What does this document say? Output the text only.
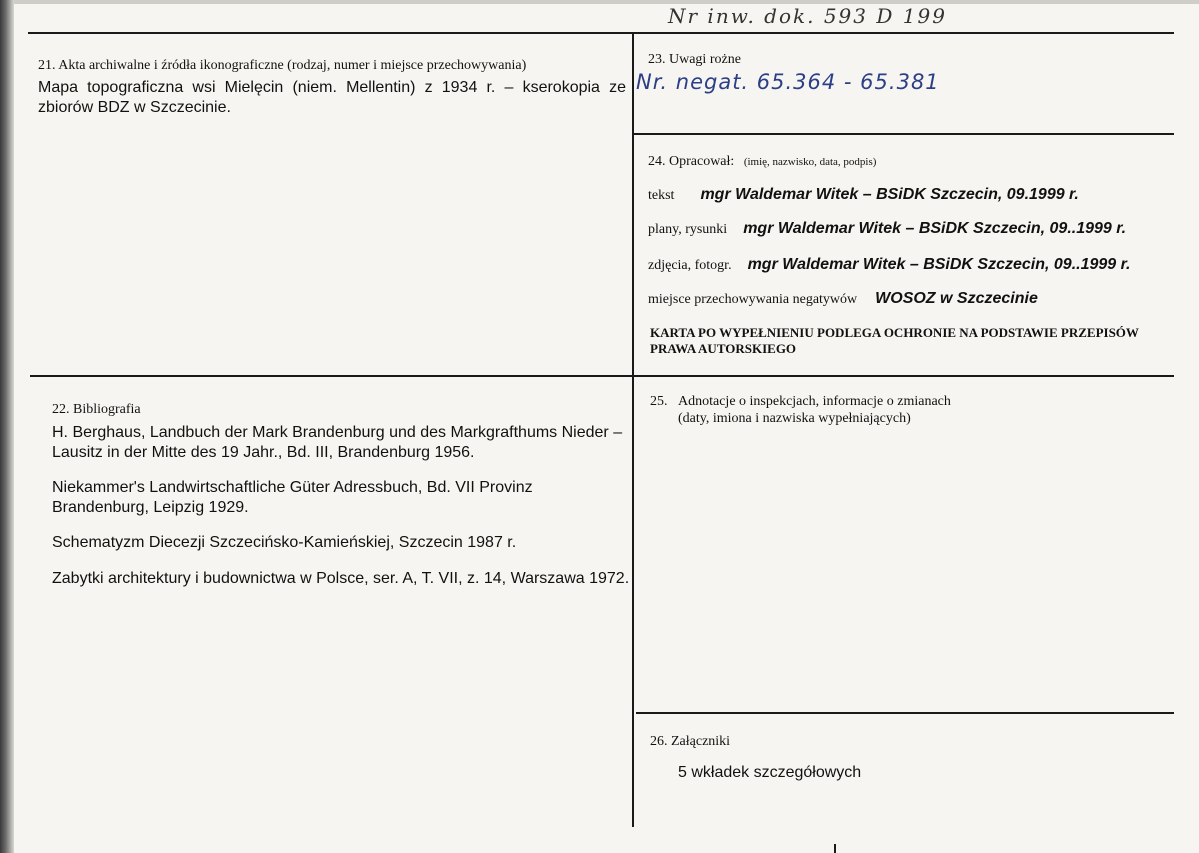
Nr inw. dok. 593 D 199
21. Akta archiwalne i źródła ikonograficzne (rodzaj, numer i miejsce przechowywania)
Mapa topograficzna wsi Mielęcin (niem. Mellentin) z 1934 r. – kserokopia ze zbiorów BDZ w Szczecinie.
23. Uwagi rożne
Nr. negat. 65.364 - 65.381
24. Opracował: (imię, nazwisko, data, podpis)
tekst mgr Waldemar Witek – BSiDK Szczecin, 09.1999 r.
plany, rysunki mgr Waldemar Witek – BSiDK Szczecin, 09..1999 r.
zdjęcia, fotogr. mgr Waldemar Witek – BSiDK Szczecin, 09..1999 r.
miejsce przechowywania negatywów WOSOZ w Szczecinie
KARTA PO WYPEŁNIENIU PODLEGA OCHRONIE NA PODSTAWIE PRZEPISÓW PRAWA AUTORSKIEGO
22. Bibliografia
H. Berghaus, Landbuch der Mark Brandenburg und des Markgrafthums Nieder – Lausitz in der Mitte des 19 Jahr., Bd. III, Brandenburg 1956.
Niekammer's Landwirtschaftliche Güter Adressbuch, Bd. VII Provinz Brandenburg, Leipzig 1929.
Schematyzm Diecezji Szczecińsko-Kamieńskiej, Szczecin 1987 r.
Zabytki architektury i budownictwa w Polsce, ser. A, T. VII, z. 14, Warszawa 1972.
25. Adnotacje o inspekcjach, informacje o zmianach
(daty, imiona i nazwiska wypełniających)
26. Załączniki
5 wkładek szczegółowych
